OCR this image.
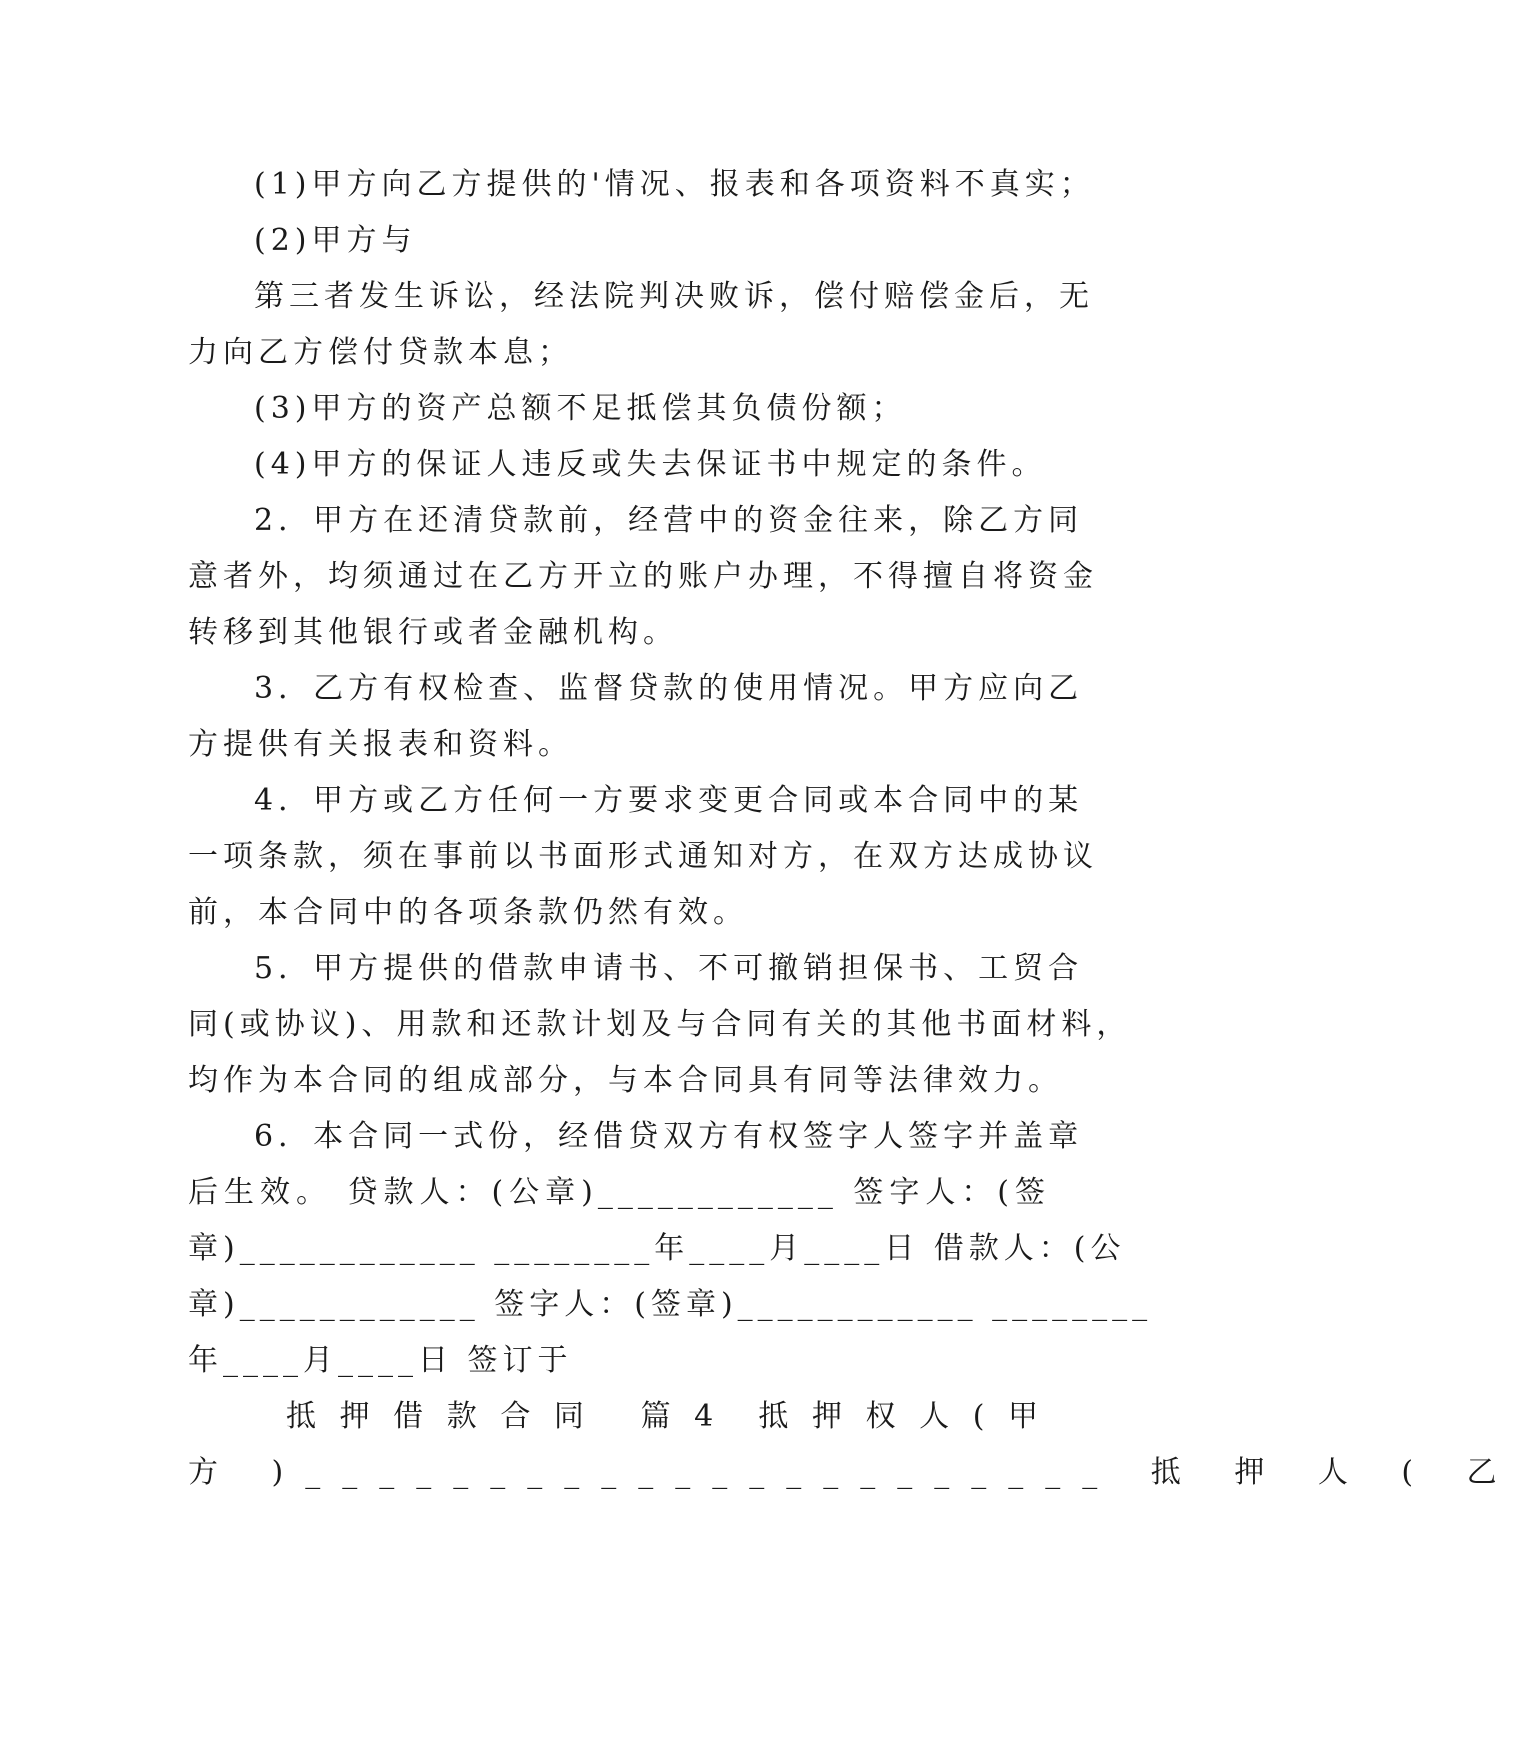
(1)甲方向乙方提供的'情况、报表和各项资料不真实；
(2)甲方与
第三者发生诉讼，经法院判决败诉，偿付赔偿金后，无
力向乙方偿付贷款本息；
(3)甲方的资产总额不足抵偿其负债份额；
(4)甲方的保证人违反或失去保证书中规定的条件。
2．甲方在还清贷款前，经营中的资金往来，除乙方同
意者外，均须通过在乙方开立的账户办理，不得擅自将资金
转移到其他银行或者金融机构。
3．乙方有权检查、监督贷款的使用情况。甲方应向乙
方提供有关报表和资料。
4．甲方或乙方任何一方要求变更合同或本合同中的某
一项条款，须在事前以书面形式通知对方，在双方达成协议
前，本合同中的各项条款仍然有效。
5．甲方提供的借款申请书、不可撤销担保书、工贸合
同(或协议)、用款和还款计划及与合同有关的其他书面材料，
均作为本合同的组成部分，与本合同具有同等法律效力。
6．本合同一式份，经借贷双方有权签字人签字并盖章
后生效。 贷款人：(公章)____________ 签字人：(签
章)____________ ________年____月____日 借款人：(公
章)____________ 签字人：(签章)____________ ________
年____月____日 签订于
抵押借款合同 篇4 抵押权人(甲
方 )______________________ 抵 押 人 ( 乙
